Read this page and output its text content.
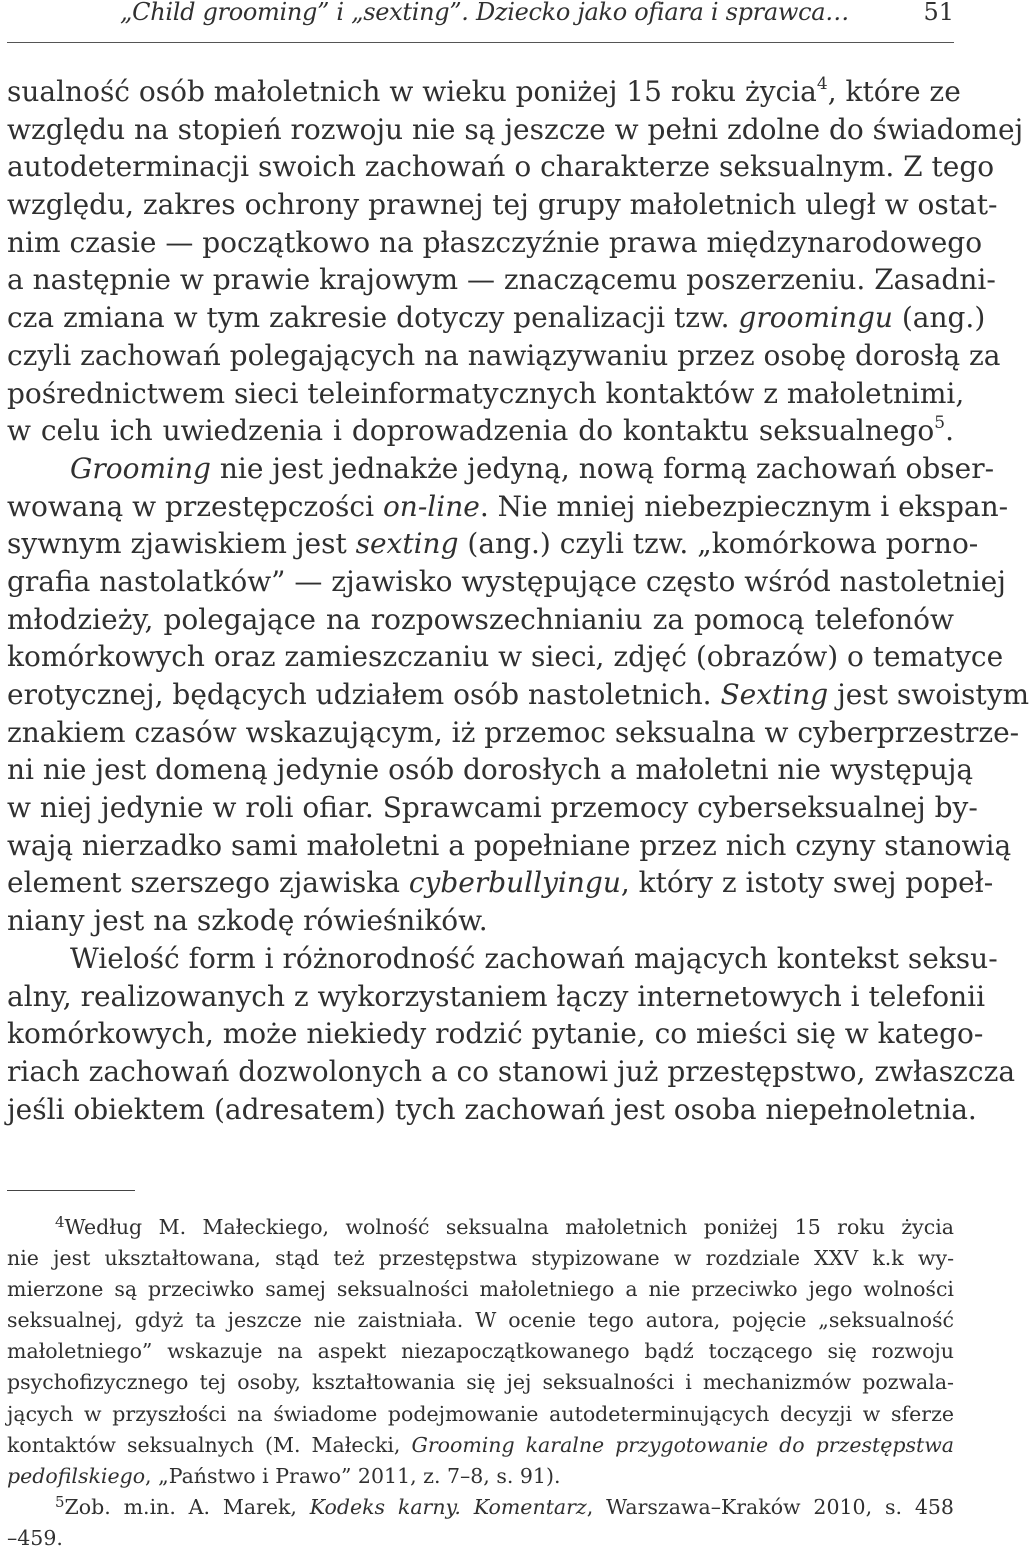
„Child grooming” i „sexting”. Dziecko jako ofiara i sprawca…	51
sualność osób małoletnich w wieku poniżej 15 roku życia$^4$, które ze
względu na stopień rozwoju nie są jeszcze w pełni zdolne do świadomej
autodeterminacji swoich zachowań o charakterze seksualnym. Z tego
względu, zakres ochrony prawnej tej grupy małoletnich uległ w ostat-
nim czasie — początkowo na płaszczyźnie prawa międzynarodowego
a następnie w prawie krajowym — znaczącemu poszerzeniu. Zasadni-
cza zmiana w tym zakresie dotyczy penalizacji tzw. groomingu (ang.)
czyli zachowań polegających na nawiązywaniu przez osobę dorosłą za
pośrednictwem sieci teleinformatycznych kontaktów z małoletnimi,
w celu ich uwiedzenia i doprowadzenia do kontaktu seksualnego$^5$.
Grooming nie jest jednakże jedyną, nową formą zachowań obser-
wowaną w przestępczości on-line. Nie mniej niebezpiecznym i ekspan-
sywnym zjawiskiem jest sexting (ang.) czyli tzw. „komórkowa porno-
grafia nastolatków” — zjawisko występujące często wśród nastoletniej
młodzieży, polegające na rozpowszechnianiu za pomocą telefonów
komórkowych oraz zamieszczaniu w sieci, zdjęć (obrazów) o tematyce
erotycznej, będących udziałem osób nastoletnich. Sexting jest swoistym
znakiem czasów wskazującym, iż przemoc seksualna w cyberprzestrze-
ni nie jest domeną jedynie osób dorosłych a małoletni nie występują
w niej jedynie w roli ofiar. Sprawcami przemocy cyberseksualnej by-
wają nierzadko sami małoletni a popełniane przez nich czyny stanowią
element szerszego zjawiska cyberbullyingu, który z istoty swej popeł-
niany jest na szkodę rówieśników.
Wielość form i różnorodność zachowań mających kontekst seksu-
alny, realizowanych z wykorzystaniem łączy internetowych i telefonii
komórkowych, może niekiedy rodzić pytanie, co mieści się w katego-
riach zachowań dozwolonych a co stanowi już przestępstwo, zwłaszcza
jeśli obiektem (adresatem) tych zachowań jest osoba niepełnoletnia.
$^4$Według M. Małeckiego, wolność seksualna małoletnich poniżej 15 roku życia
nie jest ukształtowana, stąd też przestępstwa stypizowane w rozdziale XXV k.k wy-
mierzone są przeciwko samej seksualności małoletniego a nie przeciwko jego wolności
seksualnej, gdyż ta jeszcze nie zaistniała. W ocenie tego autora, pojęcie „seksualność
małoletniego” wskazuje na aspekt niezapoczątkowanego bądź toczącego się rozwoju
psychofizycznego tej osoby, kształtowania się jej seksualności i mechanizmów pozwala-
jących w przyszłości na świadome podejmowanie autodeterminujących decyzji w sferze
kontaktów seksualnych (M. Małecki, Grooming karalne przygotowanie do przestępstwa
pedofilskiego, „Państwo i Prawo” 2011, z. 7–8, s. 91).
$^5$Zob. m.in. A. Marek, Kodeks karny. Komentarz, Warszawa–Kraków 2010, s. 458
–459.
